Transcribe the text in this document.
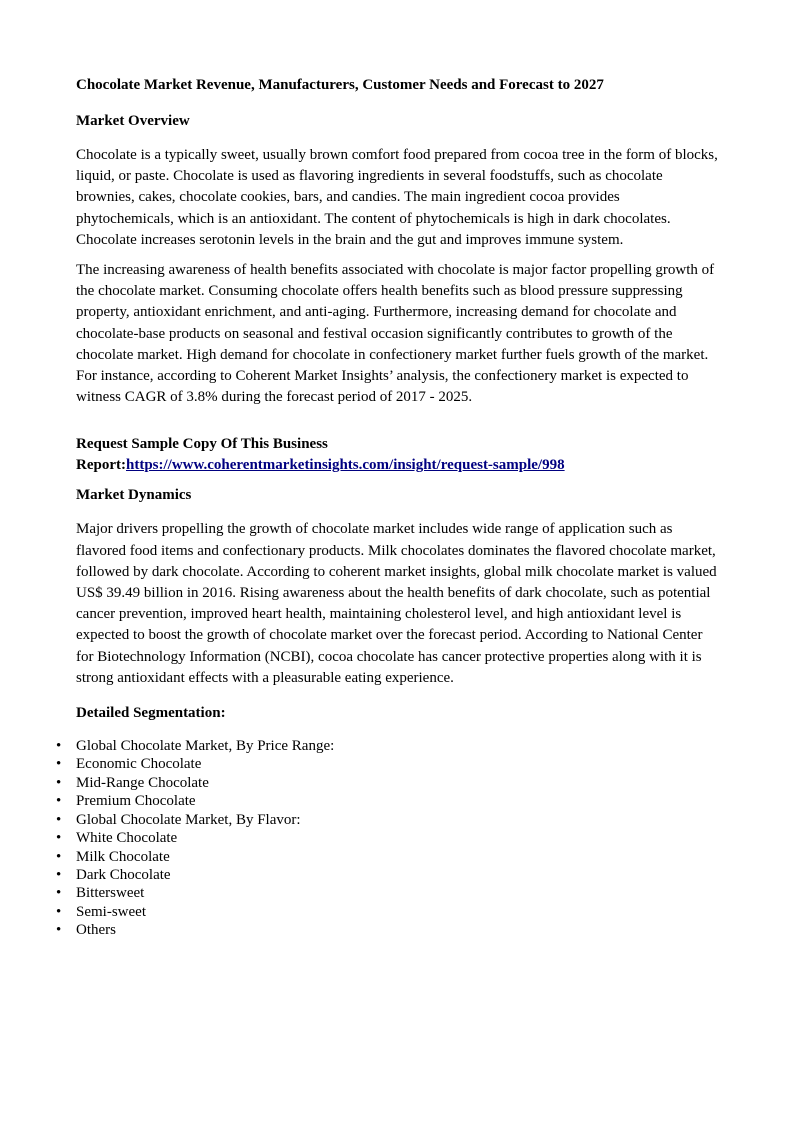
Chocolate Market Revenue, Manufacturers, Customer Needs and Forecast to 2027
Market Overview

Chocolate is a typically sweet, usually brown comfort food prepared from cocoa tree in the form of blocks, liquid, or paste. Chocolate is used as flavoring ingredients in several foodstuffs, such as chocolate brownies, cakes, chocolate cookies, bars, and candies. The main ingredient cocoa provides phytochemicals, which is an antioxidant. The content of phytochemicals is high in dark chocolates. Chocolate increases serotonin levels in the brain and the gut and improves immune system.

The increasing awareness of health benefits associated with chocolate is major factor propelling growth of the chocolate market. Consuming chocolate offers health benefits such as blood pressure suppressing property, antioxidant enrichment, and anti-aging. Furthermore, increasing demand for chocolate and chocolate-base products on seasonal and festival occasion significantly contributes to growth of the chocolate market. High demand for chocolate in confectionery market further fuels growth of the market. For instance, according to Coherent Market Insights’ analysis, the confectionery market is expected to witness CAGR of 3.8% during the forecast period of 2017 - 2025.

Request Sample Copy Of This Business
Report:https://www.coherentmarketinsights.com/insight/request-sample/998
Market Dynamics

Major drivers propelling the growth of chocolate market includes wide range of application such as flavored food items and confectionary products. Milk chocolates dominates the flavored chocolate market, followed by dark chocolate. According to coherent market insights, global milk chocolate market is valued US$ 39.49 billion in 2016. Rising awareness about the health benefits of dark chocolate, such as potential cancer prevention, improved heart health, maintaining cholesterol level, and high antioxidant level is expected to boost the growth of chocolate market over the forecast period. According to National Center for Biotechnology Information (NCBI), cocoa chocolate has cancer protective properties along with it is strong antioxidant effects with a pleasurable eating experience.

Detailed Segmentation:
• Global Chocolate Market, By Price Range:
• Economic Chocolate
• Mid-Range Chocolate
• Premium Chocolate
• Global Chocolate Market, By Flavor:
• White Chocolate
• Milk Chocolate
• Dark Chocolate
• Bittersweet
• Semi-sweet
• Others
